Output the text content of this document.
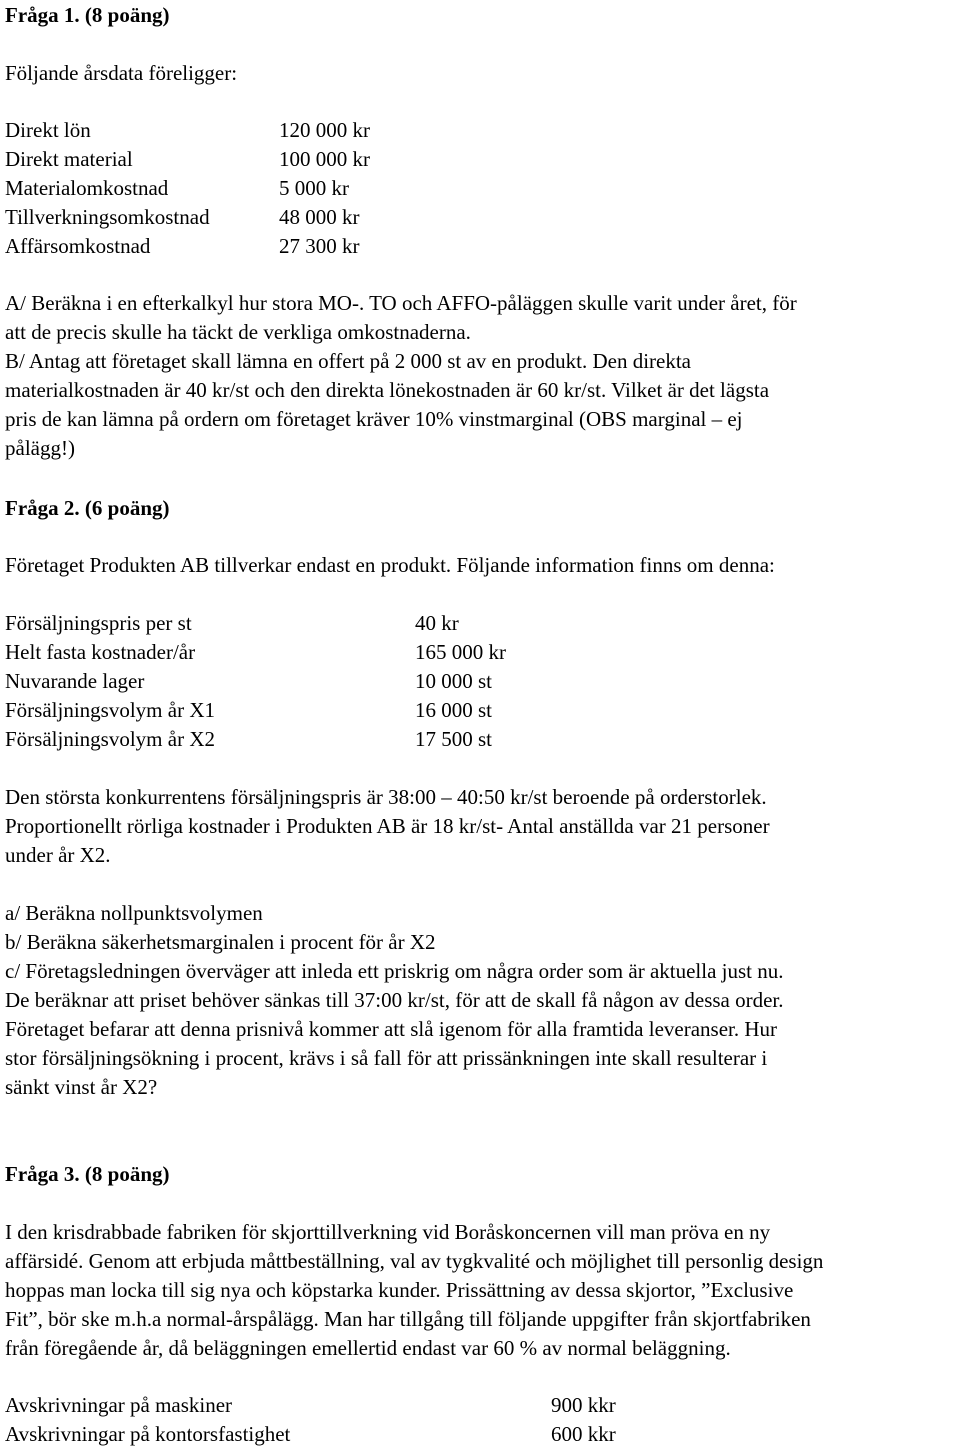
Fråga 1. (8 poäng)
Följande årsdata föreligger:
Direkt lön	120 000 kr
Direkt material	100 000 kr
Materialomkostnad	5 000 kr
Tillverkningsomkostnad	48 000 kr
Affärsomkostnad	27 300 kr
A/ Beräkna i en efterkalkyl hur stora MO-. TO och AFFO-påläggen skulle varit under året, för
att de precis skulle ha täckt de verkliga omkostnaderna.
B/ Antag att företaget skall lämna en offert på 2 000 st av en produkt. Den direkta
materialkostnaden är 40 kr/st och den direkta lönekostnaden är 60 kr/st. Vilket är det lägsta
pris de kan lämna på ordern om företaget kräver 10% vinstmarginal (OBS marginal – ej
pålägg!)
Fråga 2. (6 poäng)
Företaget Produkten AB tillverkar endast en produkt. Följande information finns om denna:
Försäljningspris per st	40 kr
Helt fasta kostnader/år	165 000 kr
Nuvarande lager	10 000 st
Försäljningsvolym år X1	16 000 st
Försäljningsvolym år X2	17 500 st
Den största konkurrentens försäljningspris är 38:00 – 40:50 kr/st beroende på orderstorlek.
Proportionellt rörliga kostnader i Produkten AB är 18 kr/st- Antal anställda var 21 personer
under år X2.
a/ Beräkna nollpunktsvolymen
b/ Beräkna säkerhetsmarginalen i procent för år X2
c/ Företagsledningen överväger att inleda ett priskrig om några order som är aktuella just nu.
De beräknar att priset behöver sänkas till 37:00 kr/st, för att de skall få någon av dessa order.
Företaget befarar att denna prisnivå kommer att slå igenom för alla framtida leveranser. Hur
stor försäljningsökning i procent, krävs i så fall för att prissänkningen inte skall resulterar i
sänkt vinst år X2?
Fråga 3. (8 poäng)
I den krisdrabbade fabriken för skjorttillverkning vid Boråskoncernen vill man pröva en ny
affärsidé. Genom att erbjuda måttbeställning, val av tygkvalité och möjlighet till personlig design
hoppas man locka till sig nya och köpstarka kunder. Prissättning av dessa skjortor, ”Exclusive
Fit”, bör ske m.h.a normal-årspålägg. Man har tillgång till följande uppgifter från skjortfabriken
från föregående år, då beläggningen emellertid endast var 60 % av normal beläggning.
Avskrivningar på maskiner	900 kkr
Avskrivningar på kontorsfastighet	600 kkr
